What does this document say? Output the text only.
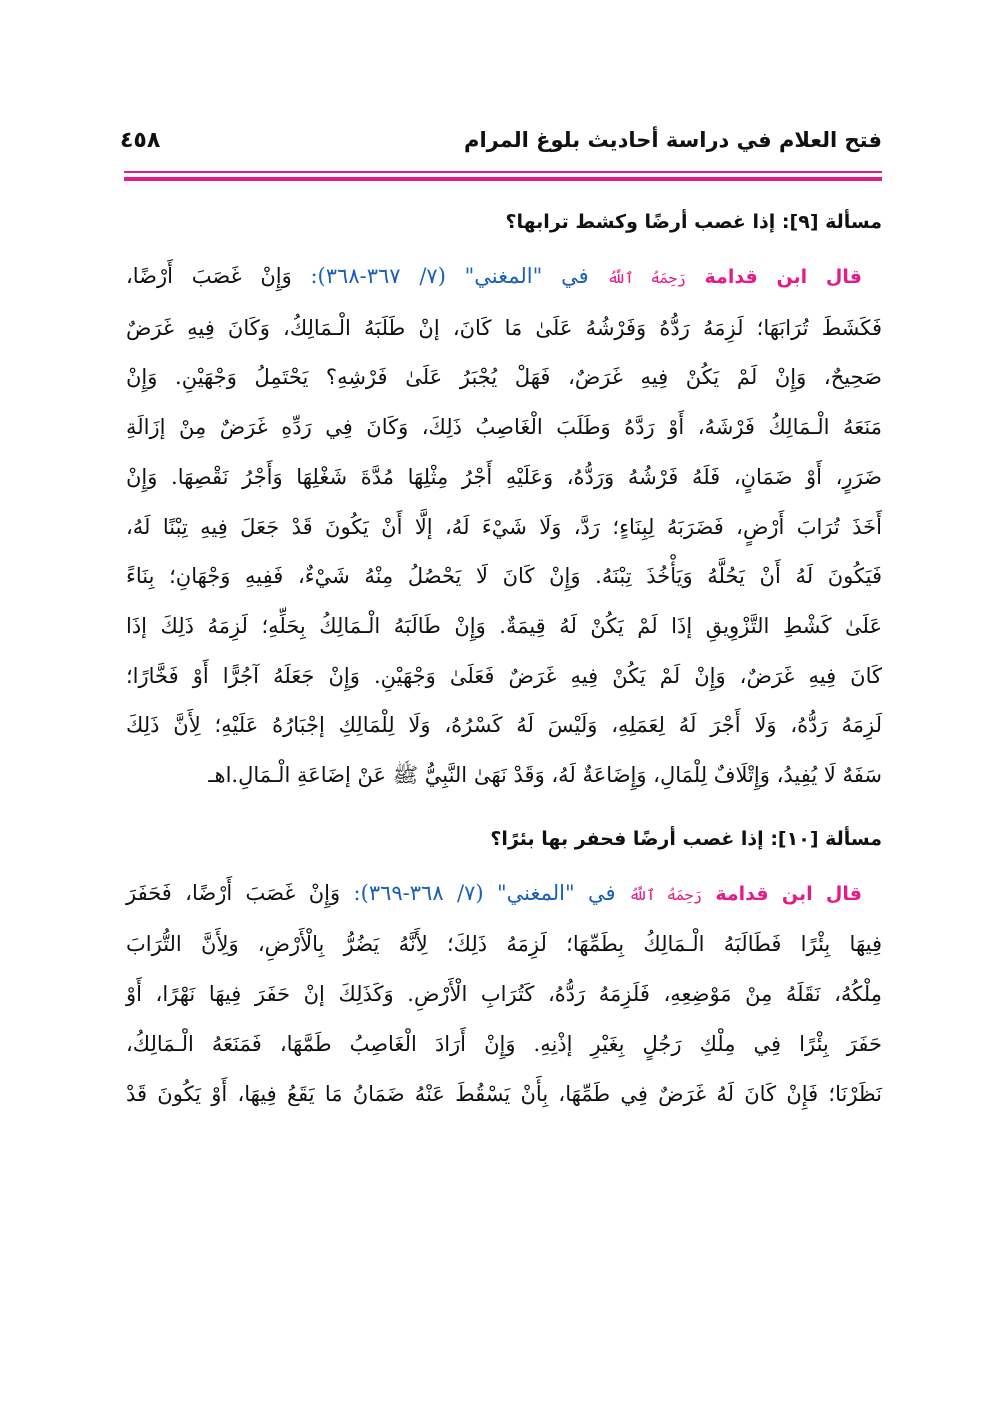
فتح العلام في دراسة أحاديث بلوغ المرام
٤٥٨
مسألة [٩]: إذا غصب أرضًا وكشط ترابها؟

قال ابن قدامة رَحِمَهُ ٱللَّهُ في "المغني" (٧/ ٣٦٧-٣٦٨): وَإِنْ غَصَبَ أَرْضًا،

فَكَشَطَ تُرَابَهَا؛ لَزِمَهُ رَدُّهُ وَفَرْشُهُ عَلَىٰ مَا كَانَ، إنْ طَلَبَهُ الْـمَالِكُ، وَكَانَ فِيهِ غَرَضٌ

صَحِيحٌ، وَإِنْ لَمْ يَكُنْ فِيهِ غَرَضٌ، فَهَلْ يُجْبَرُ عَلَىٰ فَرْشِهِ؟ يَحْتَمِلُ وَجْهَيْنِ. وَإِنْ

مَنَعَهُ الْـمَالِكُ فَرْشَهُ، أَوْ رَدَّهُ وَطَلَبَ الْغَاصِبُ ذَلِكَ، وَكَانَ فِي رَدِّهِ غَرَضٌ مِنْ إزَالَةِ

ضَرَرٍ، أَوْ ضَمَانٍ، فَلَهُ فَرْشُهُ وَرَدُّهُ، وَعَلَيْهِ أَجْرُ مِثْلِهَا مُدَّةَ شَغْلِهَا وَأَجْرُ نَقْصِهَا. وَإِنْ

أَخَذَ تُرَابَ أَرْضٍ، فَضَرَبَهُ لِبِنَاءٍ؛ رَدَّ، وَلَا شَيْءَ لَهُ، إلَّا أَنْ يَكُونَ قَدْ جَعَلَ فِيهِ تِبْنًا لَهُ،

فَيَكُونَ لَهُ أَنْ يَحُلَّهُ وَيَأْخُذَ تِبْنَهُ. وَإِنْ كَانَ لَا يَحْصُلُ مِنْهُ شَيْءٌ، فَفِيهِ وَجْهَانِ؛ بِنَاءً

عَلَىٰ كَشْطِ التَّزْوِيقِ إذَا لَمْ يَكُنْ لَهُ قِيمَةٌ. وَإِنْ طَالَبَهُ الْـمَالِكُ بِحَلِّهِ؛ لَزِمَهُ ذَلِكَ إذَا

كَانَ فِيهِ غَرَضٌ، وَإِنْ لَمْ يَكُنْ فِيهِ غَرَضٌ فَعَلَىٰ وَجْهَيْنِ. وَإِنْ جَعَلَهُ آجُرًّا أَوْ فَخَّارًا؛

لَزِمَهُ رَدُّهُ، وَلَا أَجْرَ لَهُ لِعَمَلِهِ، وَلَيْسَ لَهُ كَسْرُهُ، وَلَا لِلْمَالِكِ إجْبَارُهُ عَلَيْهِ؛ لِأَنَّ ذَلِكَ

سَفَهٌ لَا يُفِيدُ، وَإِتْلَافٌ لِلْمَالِ، وَإِضَاعَةٌ لَهُ، وَقَدْ نَهَىٰ النَّبِيُّ ﷺ عَنْ إضَاعَةِ الْـمَالِ.اهـ

مسألة [١٠]: إذا غصب أرضًا فحفر بها بئرًا؟

قال ابن قدامة رَحِمَهُ ٱللَّهُ في "المغني" (٧/ ٣٦٨-٣٦٩): وَإِنْ غَصَبَ أَرْضًا، فَحَفَرَ

فِيهَا بِئْرًا فَطَالَبَهُ الْـمَالِكُ بِطَمِّهَا؛ لَزِمَهُ ذَلِكَ؛ لِأَنَّهُ يَضُرُّ بِالْأَرْضِ، وَلِأَنَّ التُّرَابَ

مِلْكُهُ، نَقَلَهُ مِنْ مَوْضِعِهِ، فَلَزِمَهُ رَدُّهُ، كَتُرَابِ الْأَرْضِ. وَكَذَلِكَ إنْ حَفَرَ فِيهَا نَهْرًا، أَوْ

حَفَرَ بِئْرًا فِي مِلْكِ رَجُلٍ بِغَيْرِ إذْنِهِ. وَإِنْ أَرَادَ الْغَاصِبُ طَمَّهَا، فَمَنَعَهُ الْـمَالِكُ،

نَظَرْنَا؛ فَإِنْ كَانَ لَهُ غَرَضٌ فِي طَمِّهَا، بِأَنْ يَسْقُطَ عَنْهُ ضَمَانُ مَا يَقَعُ فِيهَا، أَوْ يَكُونَ قَدْ
